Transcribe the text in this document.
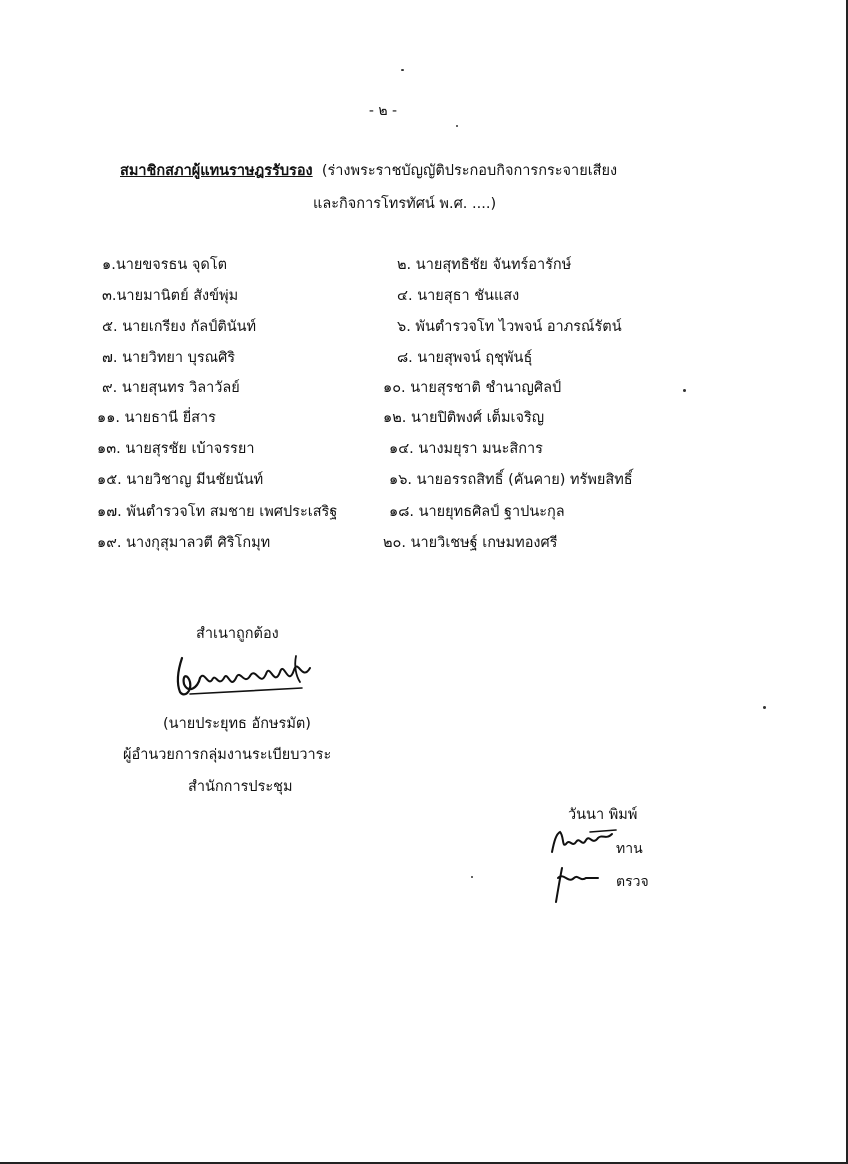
- ๒ -
สมาชิกสภาผู้แทนราษฎรรับรอง (ร่างพระราชบัญญัติประกอบกิจการกระจายเสียง
และกิจการโทรทัศน์ พ.ศ. ....)
๑.นายขจรธน จุดโต	๒. นายสุทธิชัย จันทร์อารักษ์
๓.นายมานิตย์ สังข์พุ่ม	๔. นายสุธา ชันแสง
๕. นายเกรียง กัลป์ตินันท์	๖. พันตำรวจโท ไวพจน์ อาภรณ์รัตน์
๗. นายวิทยา บุรณศิริ	๘. นายสุพจน์ ฤชุพันธุ์
๙. นายสุนทร วิลาวัลย์	๑๐. นายสุรชาติ ชำนาญศิลป์
๑๑. นายธานี ยี่สาร	๑๒. นายปิติพงศ์ เต็มเจริญ
๑๓. นายสุรชัย เบ้าจรรยา	๑๔. นางมยุรา มนะสิการ
๑๕. นายวิชาญ มีนชัยนันท์	๑๖. นายอรรถสิทธิ์ (คันคาย) ทรัพยสิทธิ์
๑๗. พันตำรวจโท สมชาย เพศประเสริฐ	๑๘. นายยุทธศิลป์ ฐาปนะกุล
๑๙. นางกุสุมาลวตี ศิริโกมุท	๒๐. นายวิเชษฐ์ เกษมทองศรี
สำเนาถูกต้อง
(นายประยุทธ อักษรมัต)
ผู้อำนวยการกลุ่มงานระเบียบวาระ
สำนักการประชุม
วันนา พิมพ์
ทาน
ตรวจ
